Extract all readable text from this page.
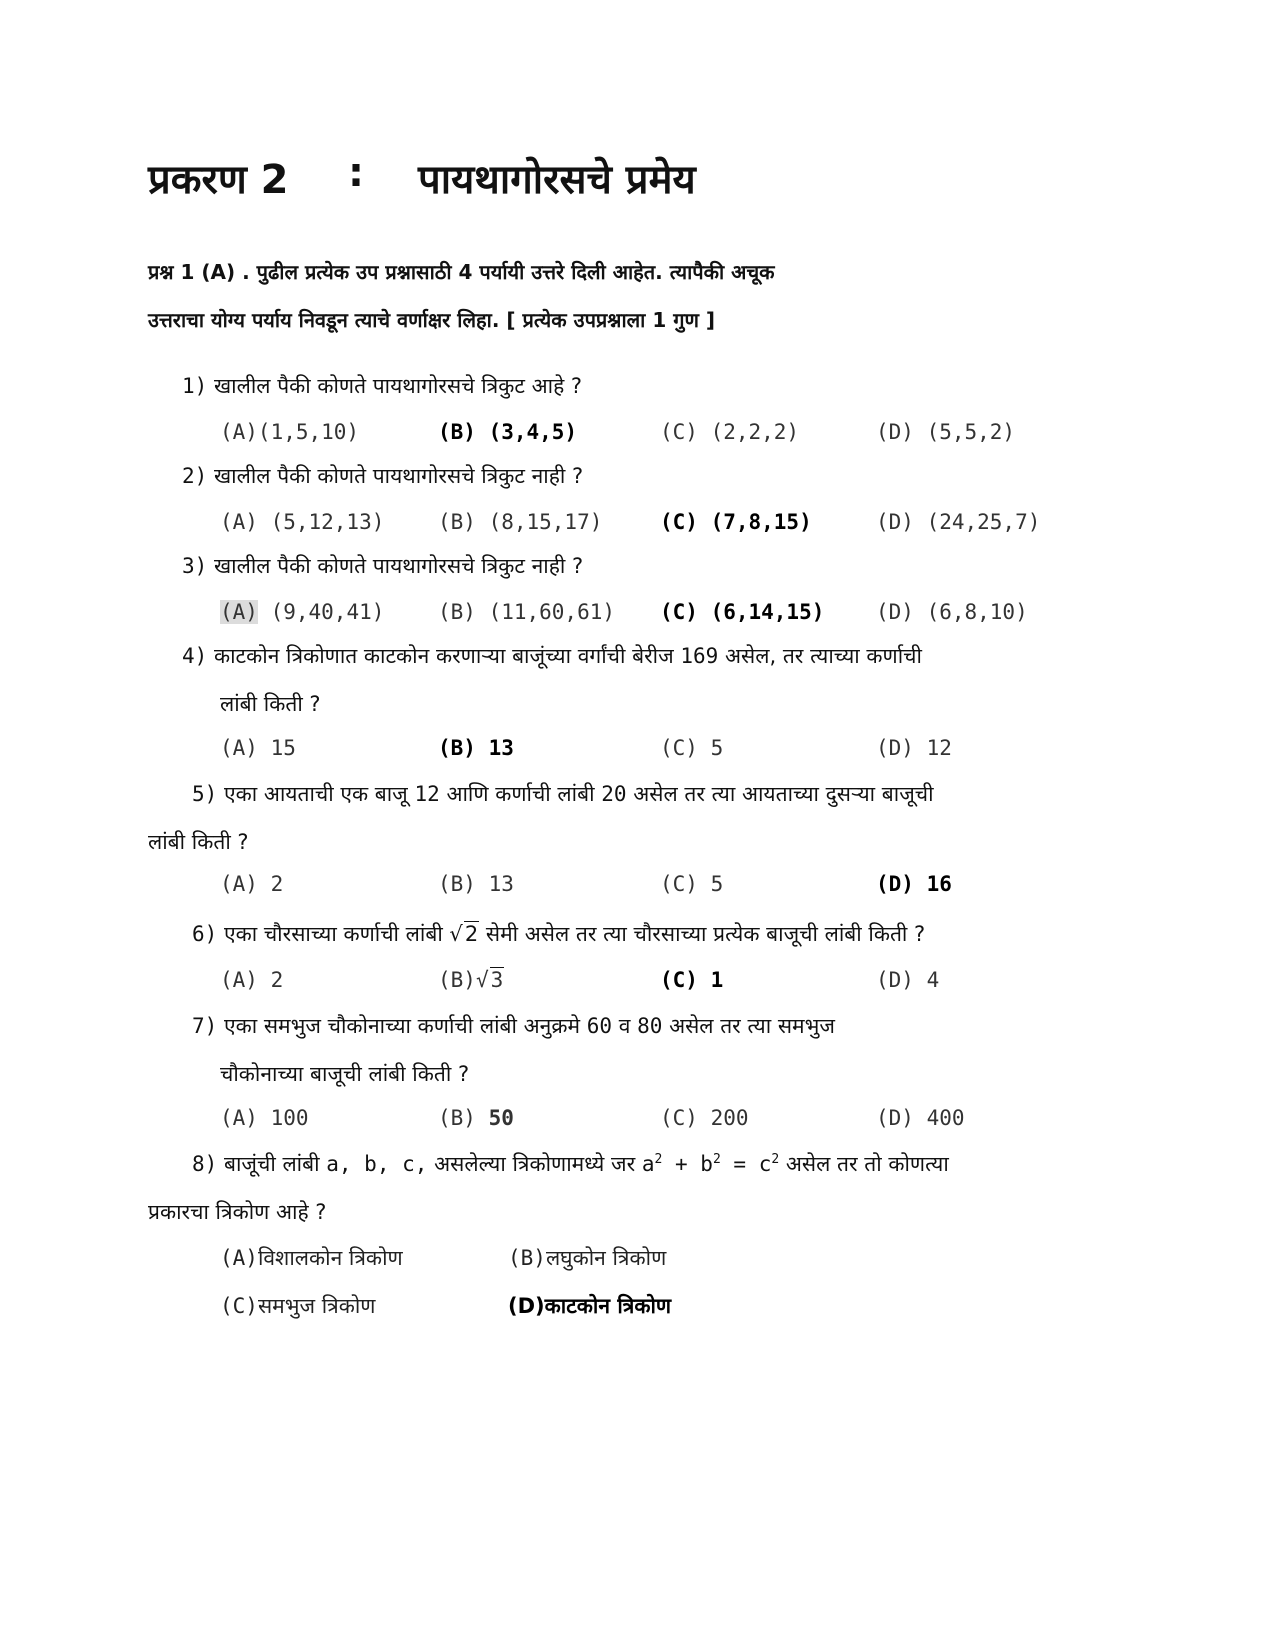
प्रकरण 2 : पायथागोरसचे प्रमेय
प्रश्न 1 (A) . पुढील प्रत्येक उप प्रश्नासाठी 4 पर्यायी उत्तरे दिली आहेत. त्यापैकी अचूक
उत्तराचा योग्य पर्याय निवडून त्याचे वर्णाक्षर लिहा. [ प्रत्येक उपप्रश्नाला 1 गुण ]
1) खालील पैकी कोणते पायथागोरसचे त्रिकुट आहे ?
(A)(1,5,10)	(B) (3,4,5)	(C) (2,2,2)	(D) (5,5,2)
2) खालील पैकी कोणते पायथागोरसचे त्रिकुट नाही ?
(A) (5,12,13)	(B) (8,15,17)	(C) (7,8,15)	(D) (24,25,7)
3) खालील पैकी कोणते पायथागोरसचे त्रिकुट नाही ?
(A) (9,40,41)	(B) (11,60,61) (C) (6,14,15) (D) (6,8,10)
4) काटकोन त्रिकोणात काटकोन करणाऱ्या बाजूंच्या वर्गांची बेरीज 169 असेल, तर त्याच्या कर्णाची
लांबी किती ?
(A) 15	(B) 13	(C) 5	(D) 12
5) एका आयताची एक बाजू 12 आणि कर्णाची लांबी 20 असेल तर त्या आयताच्या दुसऱ्या बाजूची
लांबी किती ?
(A) 2	(B) 13	(C) 5	(D) 16
6) एका चौरसाच्या कर्णाची लांबी √2 सेमी असेल तर त्या चौरसाच्या प्रत्येक बाजूची लांबी किती ?
(A) 2	(B)√3	(C) 1	(D) 4
7) एका समभुज चौकोनाच्या कर्णाची लांबी अनुक्रमे 60 व 80 असेल तर त्या समभुज
चौकोनाच्या बाजूची लांबी किती ?
(A) 100	(B) 50	(C) 200	(D) 400
8) बाजूंची लांबी a, b, c, असलेल्या त्रिकोणामध्ये जर $a^2 + b^2 = c^2$ असेल तर तो कोणत्या
प्रकारचा त्रिकोण आहे ?
(A)विशालकोन त्रिकोण	(B)लघुकोन त्रिकोण
(C)समभुज त्रिकोण	(D)काटकोन त्रिकोण
